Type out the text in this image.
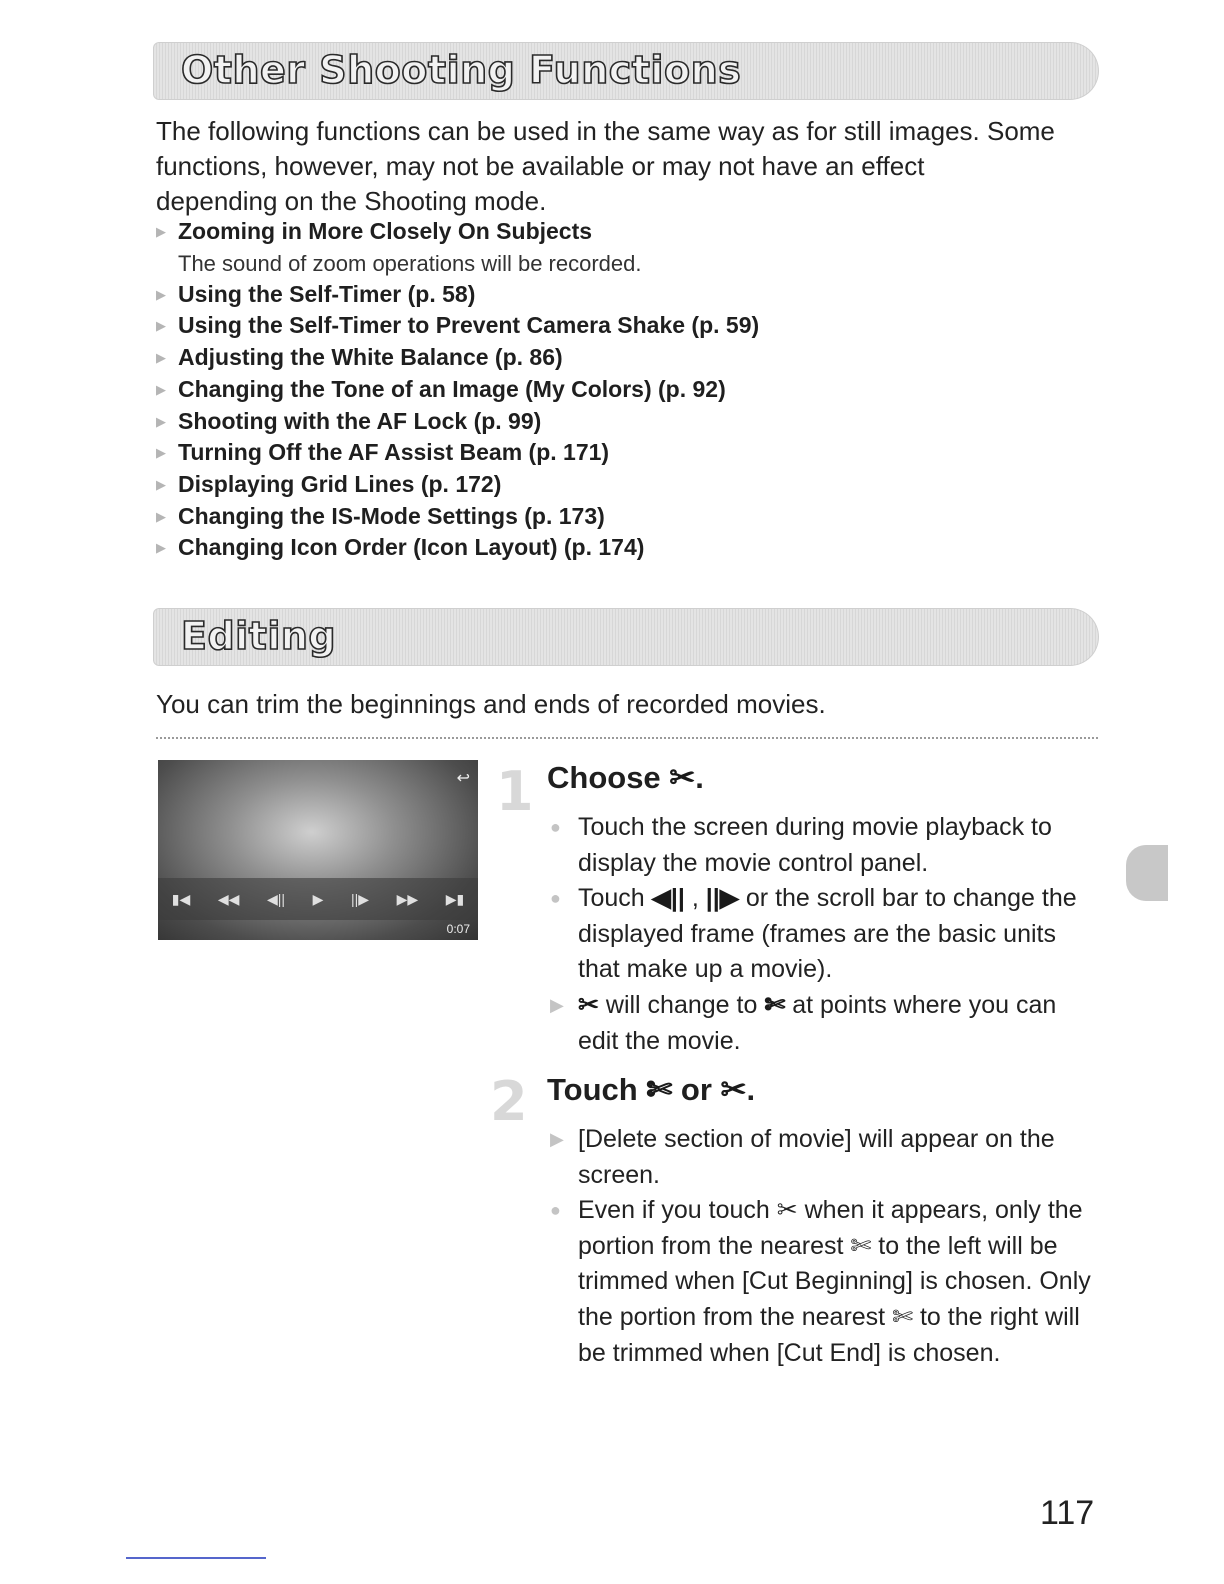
Other Shooting Functions

The following functions can be used in the same way as for still images. Some
functions, however, may not be available or may not have an effect
depending on the Shooting mode.

▶ Zooming in More Closely On Subjects
The sound of zoom operations will be recorded.
▶ Using the Self-Timer (p. 58)
▶ Using the Self-Timer to Prevent Camera Shake (p. 59)
▶ Adjusting the White Balance (p. 86)
▶ Changing the Tone of an Image (My Colors) (p. 92)
▶ Shooting with the AF Lock (p. 99)
▶ Turning Off the AF Assist Beam (p. 171)
▶ Displaying Grid Lines (p. 172)
▶ Changing the IS-Mode Settings (p. 173)
▶ Changing Icon Order (Icon Layout) (p. 174)
Editing

You can trim the beginnings and ends of recorded movies.

↩
▮◀ ◀◀ ◀|| ▶ ||▶ ▶▶ ▶▮
0:07
1 Choose ✂.
● Touch the screen during movie playback to display the movie control panel.
● Touch ◀|| , ||▶ or the scroll bar to change the displayed frame (frames are the basic units that make up a movie).
▶ ✂ will change to ✄ at points where you can edit the movie.
2 Touch ✄ or ✂.
▶ [Delete section of movie] will appear on the screen.
● Even if you touch ✂ when it appears, only the portion from the nearest ✄ to the left will be trimmed when [Cut Beginning] is chosen. Only the portion from the nearest ✄ to the right will be trimmed when [Cut End] is chosen.
117
